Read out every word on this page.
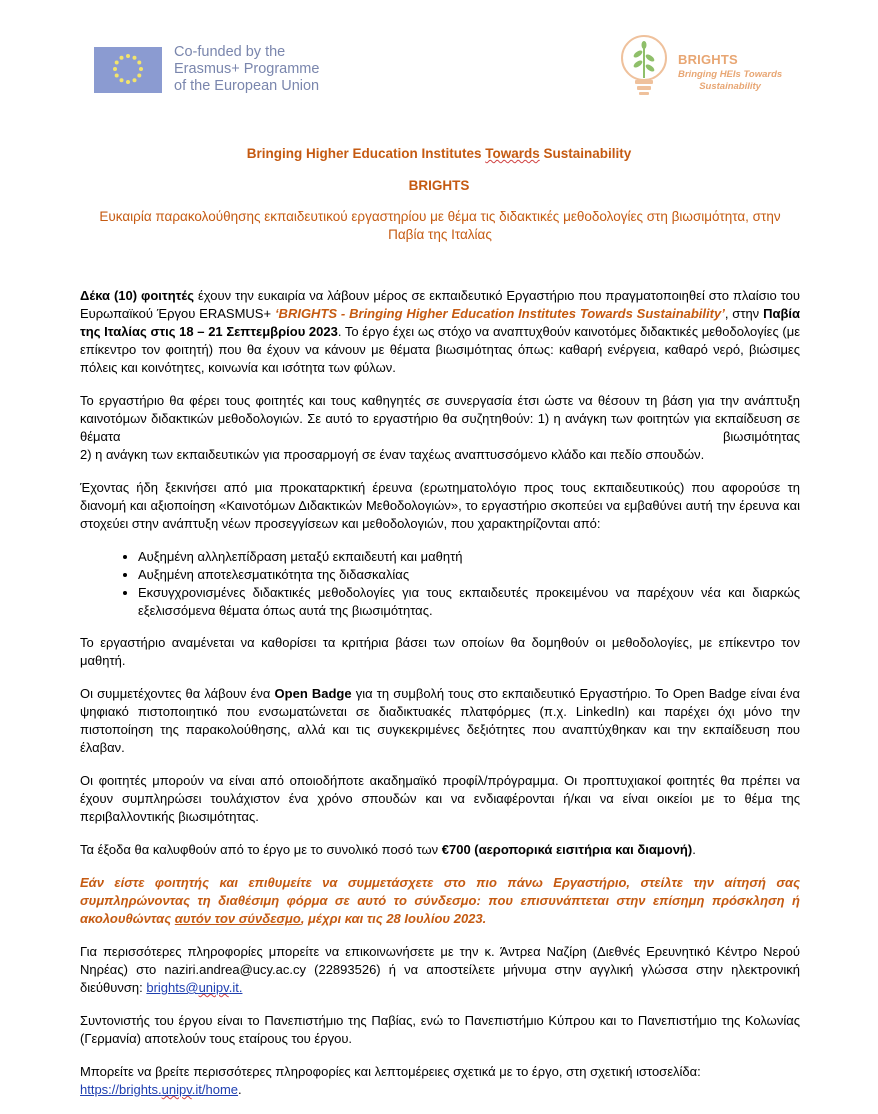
Co-funded by the
Erasmus+ Programme
of the European Union
BRIGHTS
Bringing HEIs Towards
Sustainability
Bringing Higher Education Institutes Towards Sustainability
BRIGHTS
Ευκαιρία παρακολούθησης εκπαιδευτικού εργαστηρίου με θέμα τις διδακτικές μεθοδολογίες στη βιωσιμότητα, στην Παβία της Ιταλίας

Δέκα (10) φοιτητές έχουν την ευκαιρία να λάβουν μέρος σε εκπαιδευτικό Εργαστήριο που πραγματοποιηθεί στο πλαίσιο του Ευρωπαϊκού Έργου ERASMUS+ ‘BRIGHTS - Bringing Higher Education Institutes Towards Sustainability’, στην Παβία της Ιταλίας στις 18 – 21 Σεπτεμβρίου 2023. Το έργο έχει ως στόχο να αναπτυχθούν καινοτόμες διδακτικές μεθοδολογίες (με επίκεντρο τον φοιτητή) που θα έχουν να κάνουν με θέματα βιωσιμότητας όπως: καθαρή ενέργεια, καθαρό νερό, βιώσιμες πόλεις και κοινότητες, κοινωνία και ισότητα των φύλων.

Το εργαστήριο θα φέρει τους φοιτητές και τους καθηγητές σε συνεργασία έτσι ώστε να θέσουν τη βάση για την ανάπτυξη καινοτόμων διδακτικών μεθοδολογιών. Σε αυτό το εργαστήριο θα συζητηθούν: 1) η ανάγκη των φοιτητών για εκπαίδευση σε θέματα βιωσιμότητας
2) η ανάγκη των εκπαιδευτικών για προσαρμογή σε έναν ταχέως αναπτυσσόμενο κλάδο και πεδίο σπουδών.

Έχοντας ήδη ξεκινήσει από μια προκαταρκτική έρευνα (ερωτηματολόγιο προς τους εκπαιδευτικούς) που αφορούσε τη διανομή και αξιοποίηση «Καινοτόμων Διδακτικών Μεθοδολογιών», το εργαστήριο σκοπεύει να εμβαθύνει αυτή την έρευνα και στοχεύει στην ανάπτυξη νέων προσεγγίσεων και μεθοδολογιών, που χαρακτηρίζονται από:

• Αυξημένη αλληλεπίδραση μεταξύ εκπαιδευτή και μαθητή
• Αυξημένη αποτελεσματικότητα της διδασκαλίας
• Εκσυγχρονισμένες διδακτικές μεθοδολογίες για τους εκπαιδευτές προκειμένου να παρέχουν νέα και διαρκώς εξελισσόμενα θέματα όπως αυτά της βιωσιμότητας.

Το εργαστήριο αναμένεται να καθορίσει τα κριτήρια βάσει των οποίων θα δομηθούν οι μεθοδολογίες, με επίκεντρο τον μαθητή.

Οι συμμετέχοντες θα λάβουν ένα Open Badge για τη συμβολή τους στο εκπαιδευτικό Εργαστήριο. Το Open Badge είναι ένα ψηφιακό πιστοποιητικό που ενσωματώνεται σε διαδικτυακές πλατφόρμες (π.χ. LinkedIn) και παρέχει όχι μόνο την πιστοποίηση της παρακολούθησης, αλλά και τις συγκεκριμένες δεξιότητες που αναπτύχθηκαν και την εκπαίδευση που έλαβαν.

Οι φοιτητές μπορούν να είναι από οποιοδήποτε ακαδημαϊκό προφίλ/πρόγραμμα. Οι προπτυχιακοί φοιτητές θα πρέπει να έχουν συμπληρώσει τουλάχιστον ένα χρόνο σπουδών και να ενδιαφέρονται ή/και να είναι οικείοι με το θέμα της περιβαλλοντικής βιωσιμότητας.

Τα έξοδα θα καλυφθούν από το έργο με το συνολικό ποσό των €700 (αεροπορικά εισιτήρια και διαμονή).

Εάν είστε φοιτητής και επιθυμείτε να συμμετάσχετε στο πιο πάνω Εργαστήριο, στείλτε την αίτησή σας συμπληρώνοντας τη διαθέσιμη φόρμα σε αυτό το σύνδεσμο: που επισυνάπτεται στην επίσημη πρόσκληση ή ακολουθώντας αυτόν τον σύνδεσμο, μέχρι και τις 28 Ιουλίου 2023.

Για περισσότερες πληροφορίες μπορείτε να επικοινωνήσετε με την κ. Άντρεα Ναζίρη (Διεθνές Ερευνητικό Κέντρο Νερού Νηρέας) στο naziri.andrea@ucy.ac.cy (22893526) ή να αποστείλετε μήνυμα στην αγγλική γλώσσα στην ηλεκτρονική διεύθυνση: brights@unipv.it.

Συντονιστής του έργου είναι το Πανεπιστήμιο της Παβίας, ενώ το Πανεπιστήμιο Κύπρου και το Πανεπιστήμιο της Κολωνίας (Γερμανία) αποτελούν τους εταίρους του έργου.

Μπορείτε να βρείτε περισσότερες πληροφορίες και λεπτομέρειες σχετικά με το έργο, στη σχετική ιστοσελίδα:
https://brights.unipv.it/home.
